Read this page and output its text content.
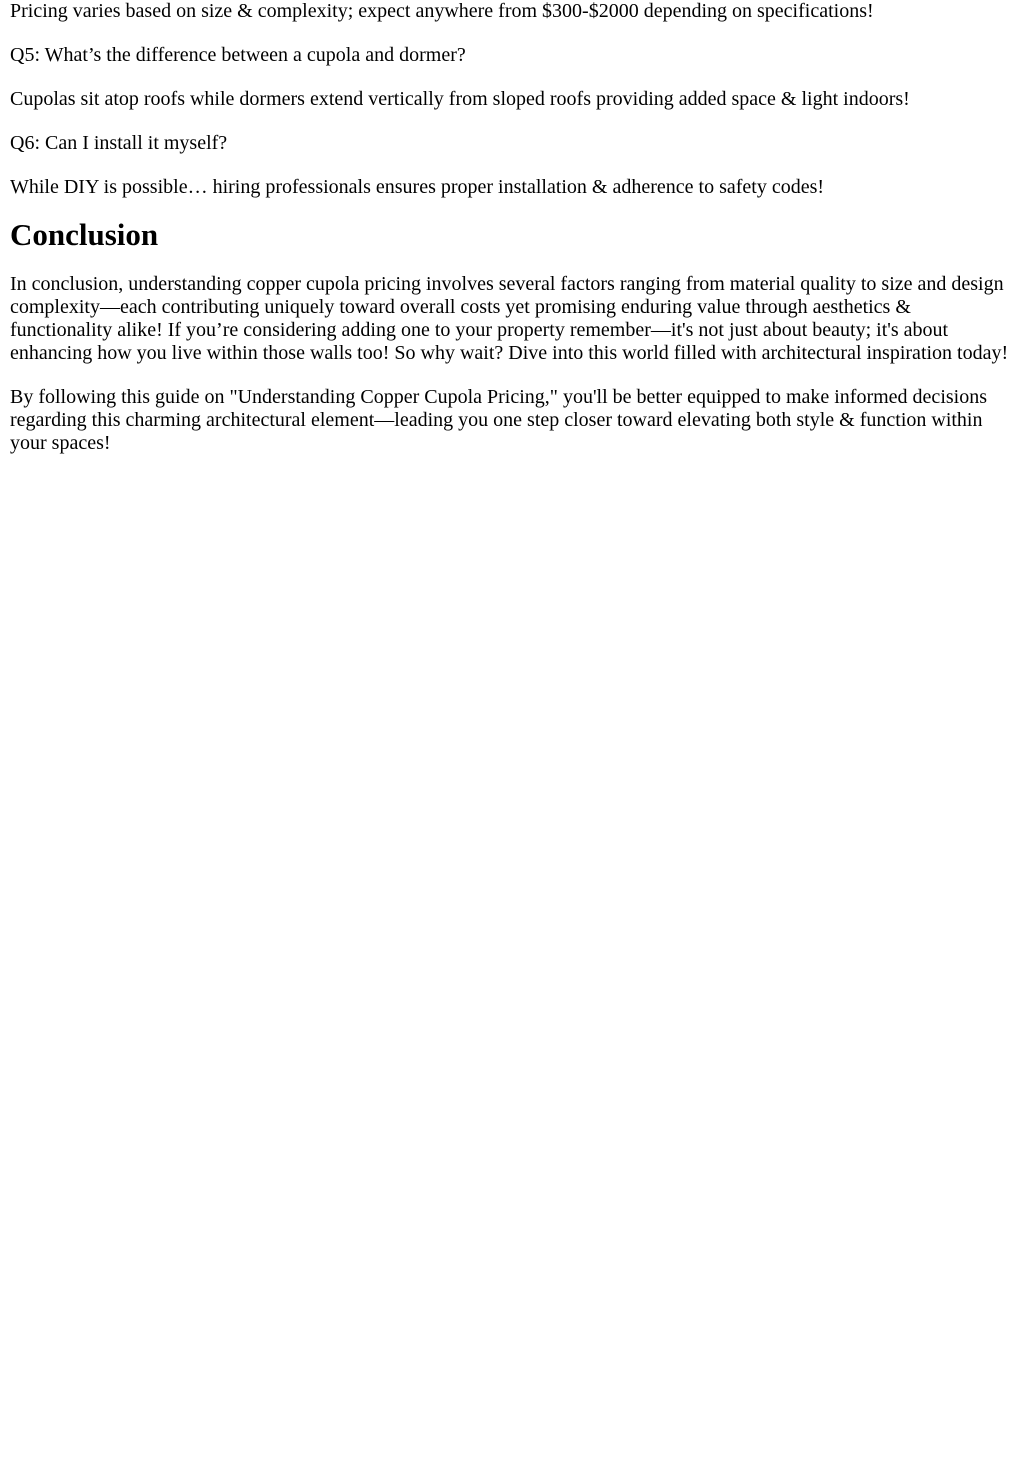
Pricing varies based on size & complexity; expect anywhere from $300-$2000 depending on specifications!

Q5: What’s the difference between a cupola and dormer?

Cupolas sit atop roofs while dormers extend vertically from sloped roofs providing added space & light indoors!

Q6: Can I install it myself?

While DIY is possible… hiring professionals ensures proper installation & adherence to safety codes!

Conclusion

In conclusion, understanding copper cupola pricing involves several factors ranging from material quality to size and design complexity—each contributing uniquely toward overall costs yet promising enduring value through aesthetics & functionality alike! If you’re considering adding one to your property remember—it's not just about beauty; it's about enhancing how you live within those walls too! So why wait? Dive into this world filled with architectural inspiration today!

By following this guide on "Understanding Copper Cupola Pricing," you'll be better equipped to make informed decisions regarding this charming architectural element—leading you one step closer toward elevating both style & function within your spaces!
